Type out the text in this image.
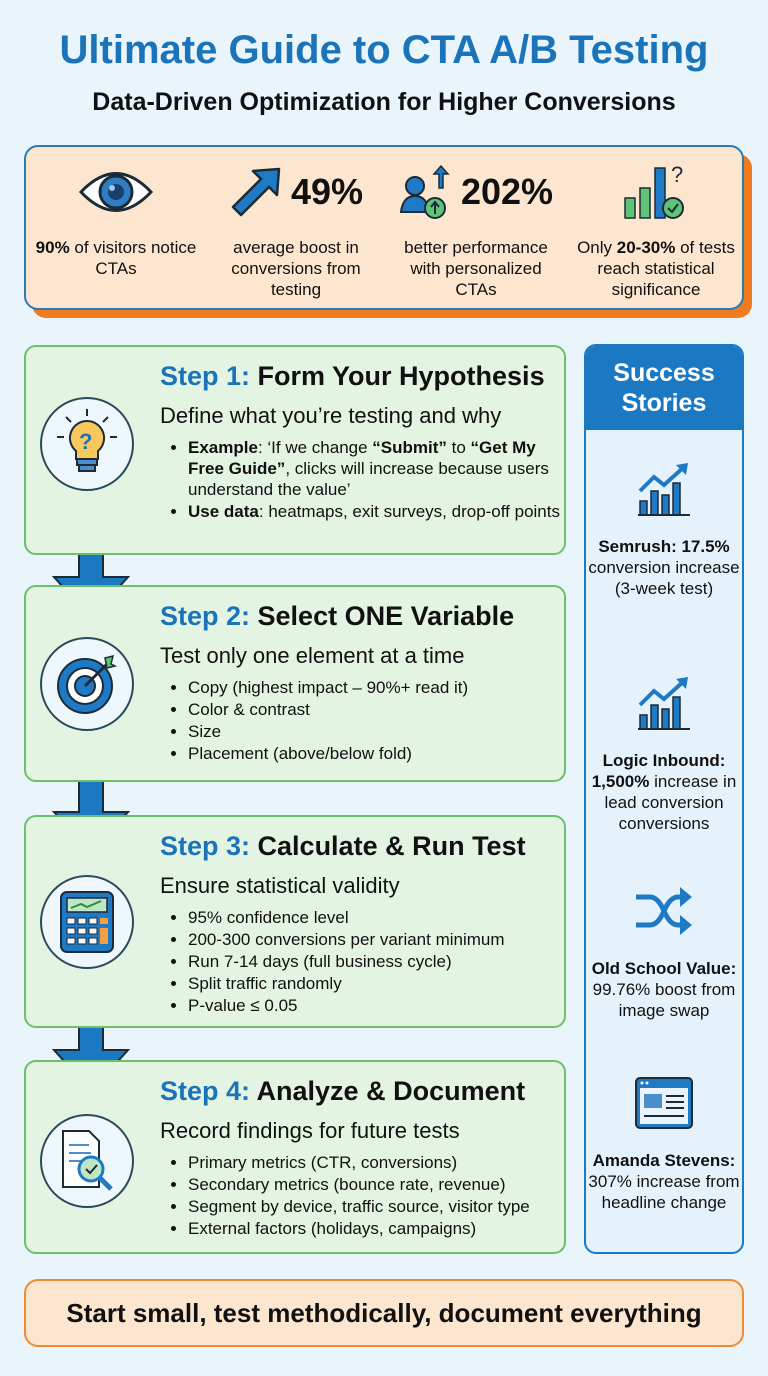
Ultimate Guide to CTA A/B Testing
Data-Driven Optimization for Higher Conversions
90% of visitors notice CTAs
49%
average boost in conversions from testing
202%
better performance with personalized CTAs
?
Only 20-30% of tests reach statistical significance
?
Step 1: Form Your Hypothesis
Define what you’re testing and why
• Example: ‘If we change “Submit” to “Get My Free Guide”, clicks will increase because users understand the value’
• Use data: heatmaps, exit surveys, drop-off points
Step 2: Select ONE Variable
Test only one element at a time
• Copy (highest impact – 90%+ read it)
• Color & contrast
• Size
• Placement (above/below fold)
Step 3: Calculate & Run Test
Ensure statistical validity
• 95% confidence level
• 200-300 conversions per variant minimum
• Run 7-14 days (full business cycle)
• Split traffic randomly
• P-value ≤ 0.05
Step 4: Analyze & Document
Record findings for future tests
• Primary metrics (CTR, conversions)
• Secondary metrics (bounce rate, revenue)
• Segment by device, traffic source, visitor type
• External factors (holidays, campaigns)
Success Stories
Semrush: 17.5% conversion increase (3-week test)
Logic Inbound: 1,500% increase in lead conversion conversions
Old School Value: 99.76% boost from image swap
Amanda Stevens: 307% increase from headline change
Start small, test methodically, document everything
